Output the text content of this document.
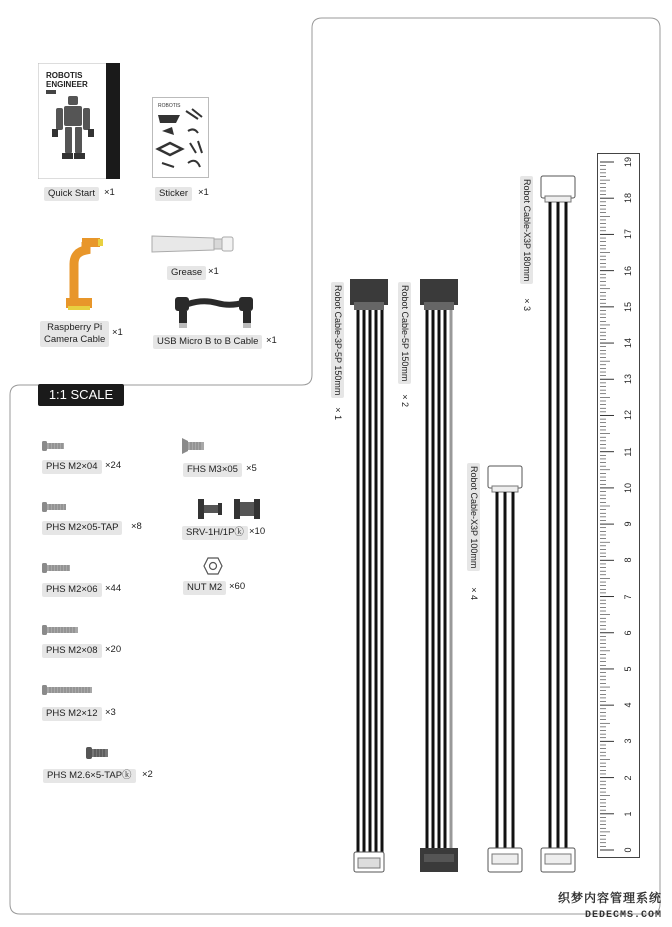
ROBOTIS
ENGINEER
Quick Start ×1
ROBOTIS
Sticker	×1
Grease ×1
Raspberry Pi
Camera Cable
×1
USB Micro B to B Cable ×1
1:1 SCALE
PHS M2×04 ×24
PHS M2×05-TAP	×8
PHS M2×06 ×44
PHS M2×08 ×20
PHS M2×12 ×3
PHS M2.6×5-TAPⓚ	×2
FHS M3×05 ×5
SRV-1H/1Pⓚ ×10
NUT M2 ×60
Robot Cable-3P-5P 150mm
×1
Robot Cable-5P 150mm
×2
Robot Cable-X3P 100mm
×4
Robot Cable-X3P 180mm
×3
19
18
17
16
15
14
13
12
11
10
9
8
7
6
5
4
3
2
1
0
织梦内容管理系统
DEDECMS.COM
